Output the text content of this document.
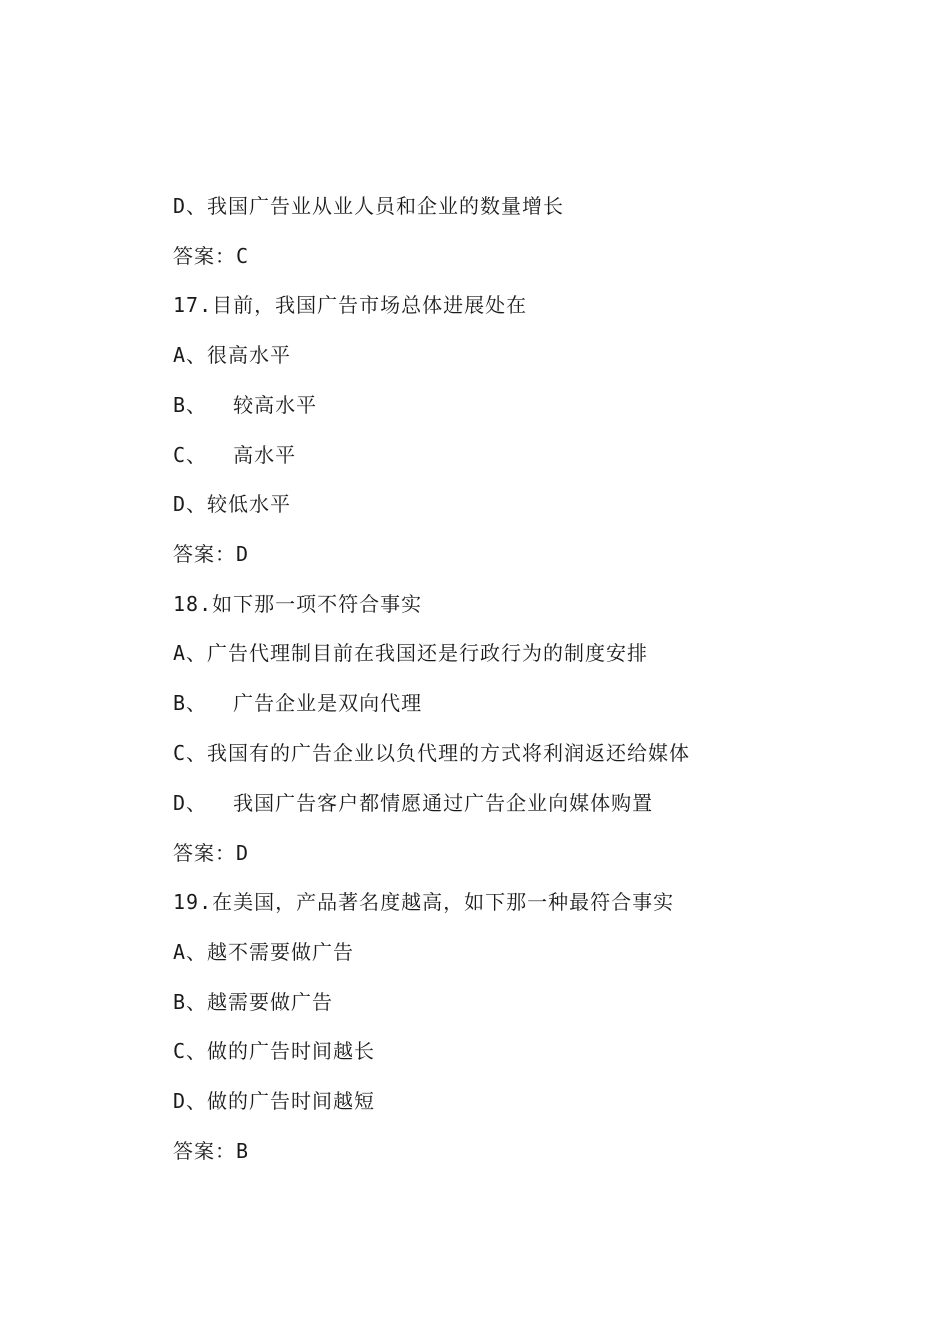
D、我国广告业从业人员和企业的数量增长
答案：C
17.目前，我国广告市场总体进展处在
A、很高水平
B、  较高水平
C、  高水平
D、较低水平
答案：D
18.如下那一项不符合事实
A、广告代理制目前在我国还是行政行为的制度安排
B、  广告企业是双向代理
C、我国有的广告企业以负代理的方式将利润返还给媒体
D、  我国广告客户都情愿通过广告企业向媒体购置
答案：D
19.在美国，产品著名度越高，如下那一种最符合事实
A、越不需要做广告
B、越需要做广告
C、做的广告时间越长
D、做的广告时间越短
答案：B
